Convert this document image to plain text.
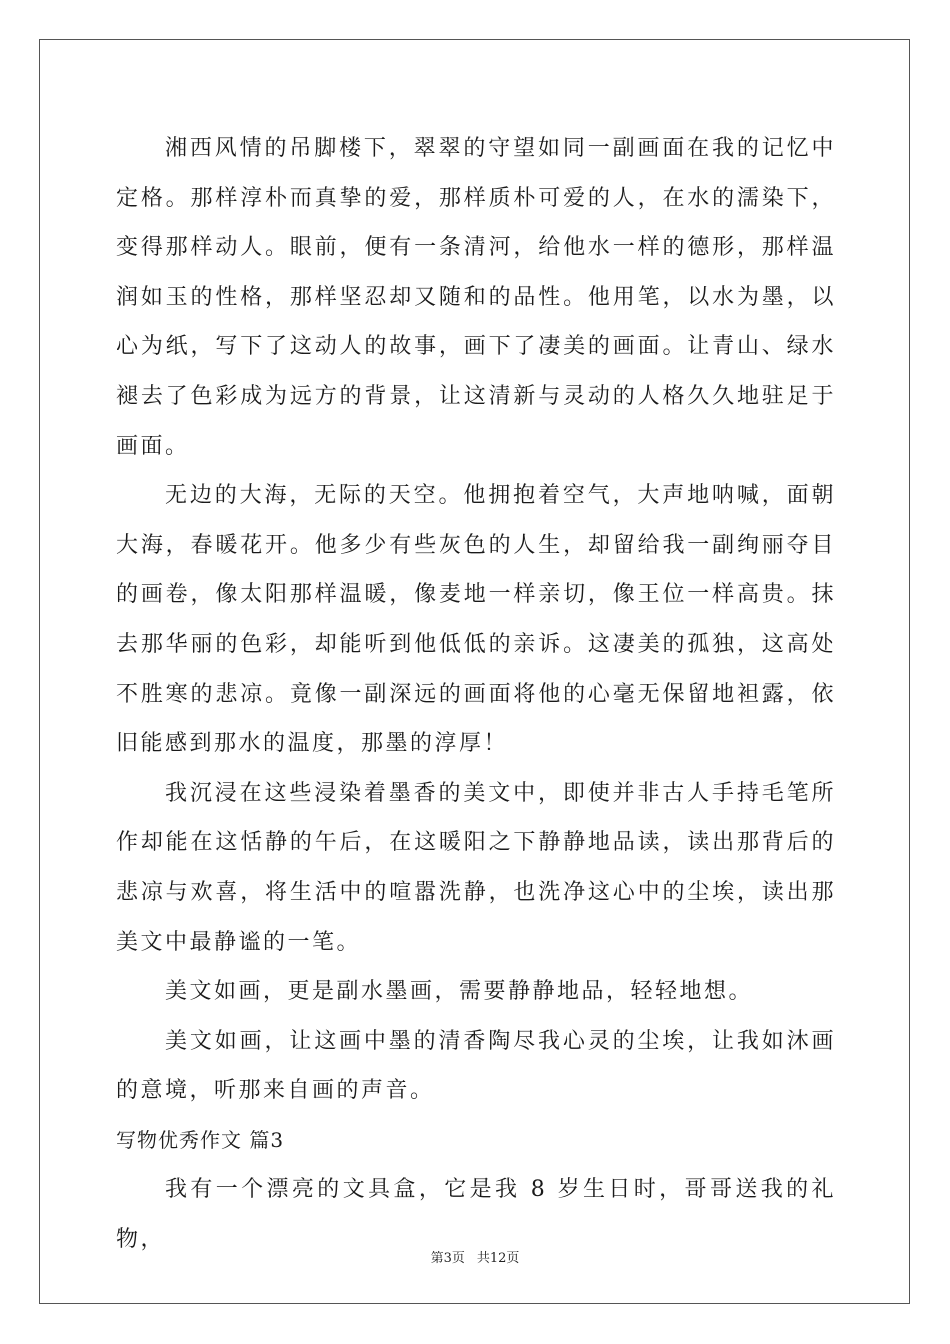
湘西风情的吊脚楼下，翠翠的守望如同一副画面在我的记忆中定格。那样淳朴而真挚的爱，那样质朴可爱的人，在水的濡染下，变得那样动人。眼前，便有一条清河，给他水一样的德形，那样温润如玉的性格，那样坚忍却又随和的品性。他用笔，以水为墨，以心为纸，写下了这动人的故事，画下了凄美的画面。让青山、绿水褪去了色彩成为远方的背景，让这清新与灵动的人格久久地驻足于画面。

无边的大海，无际的天空。他拥抱着空气，大声地呐喊，面朝大海，春暖花开。他多少有些灰色的人生，却留给我一副绚丽夺目的画卷，像太阳那样温暖，像麦地一样亲切，像王位一样高贵。抹去那华丽的色彩，却能听到他低低的亲诉。这凄美的孤独，这高处不胜寒的悲凉。竟像一副深远的画面将他的心毫无保留地袒露，依旧能感到那水的温度，那墨的淳厚！

我沉浸在这些浸染着墨香的美文中，即使并非古人手持毛笔所作却能在这恬静的午后，在这暖阳之下静静地品读，读出那背后的悲凉与欢喜，将生活中的喧嚣洗静，也洗净这心中的尘埃，读出那美文中最静谧的一笔。

美文如画，更是副水墨画，需要静静地品，轻轻地想。

美文如画，让这画中墨的清香陶尽我心灵的尘埃，让我如沐画的意境，听那来自画的声音。

写物优秀作文 篇3

我有一个漂亮的文具盒，它是我 8 岁生日时，哥哥送我的礼物，

第3页 共12页
